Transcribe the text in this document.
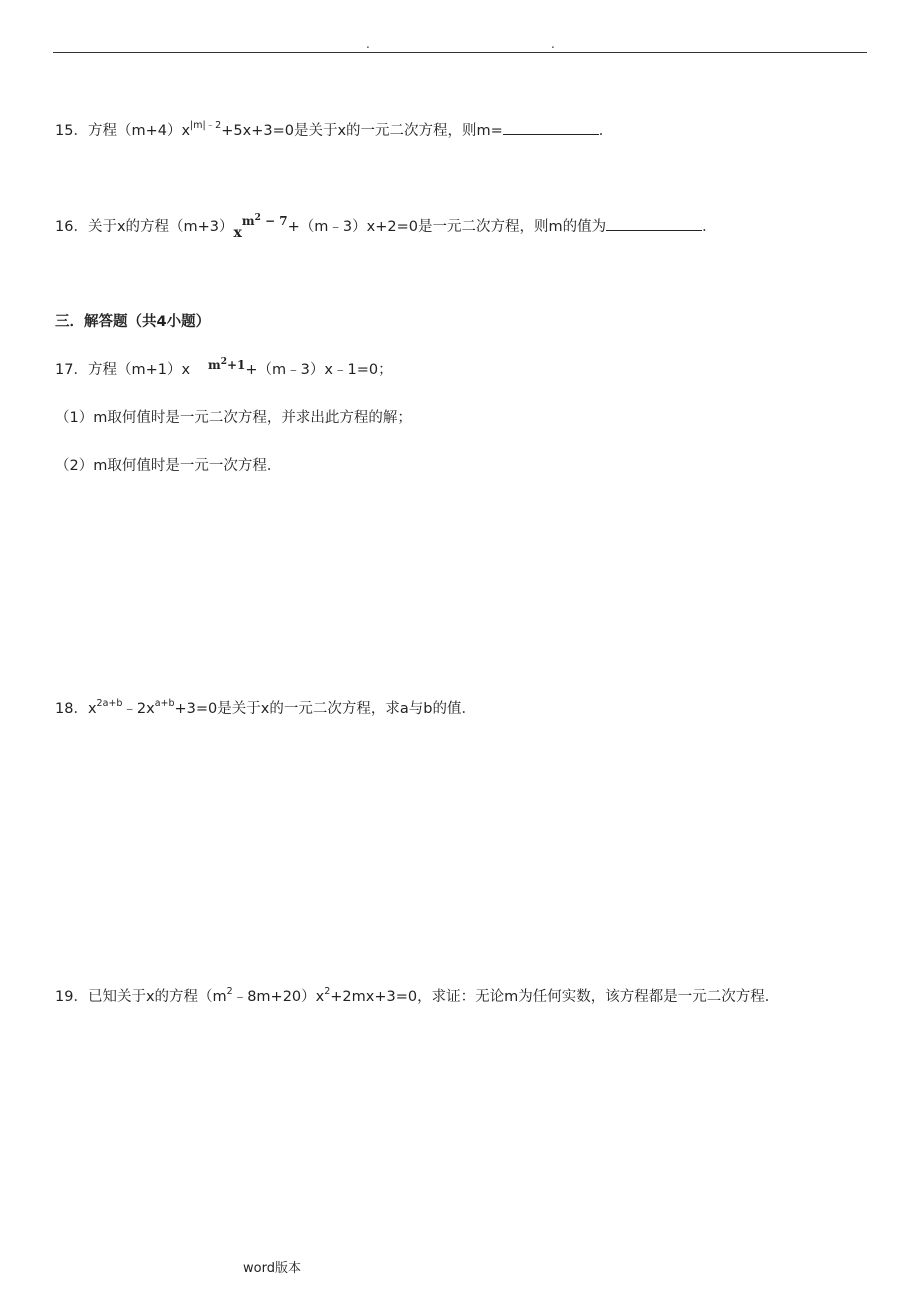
.	.
15．方程$(m+4)x^{|m|﹣2}+5x+3=0$是关于x的一元二次方程，则m=	．
16．关于x的方程$(m+3)x^{m^2 - 7}+(m﹣3)x+2=0$是一元二次方程，则m的值为	．
三．解答题（共4小题）
17．方程（m+1）x $^{m^2+1}$+（m﹣3）x﹣1=0；
（1）m取何值时是一元二次方程，并求出此方程的解；
（2）m取何值时是一元一次方程．
18．$x^{2a+b}﹣2x^{a+b}+3=0$是关于x的一元二次方程，求a与b的值．
19．已知关于x的方程$(m^2﹣8m+20)x^2+2mx+3=0$，求证：无论m为任何实数，该方程都是一元二次方程．
word版本
